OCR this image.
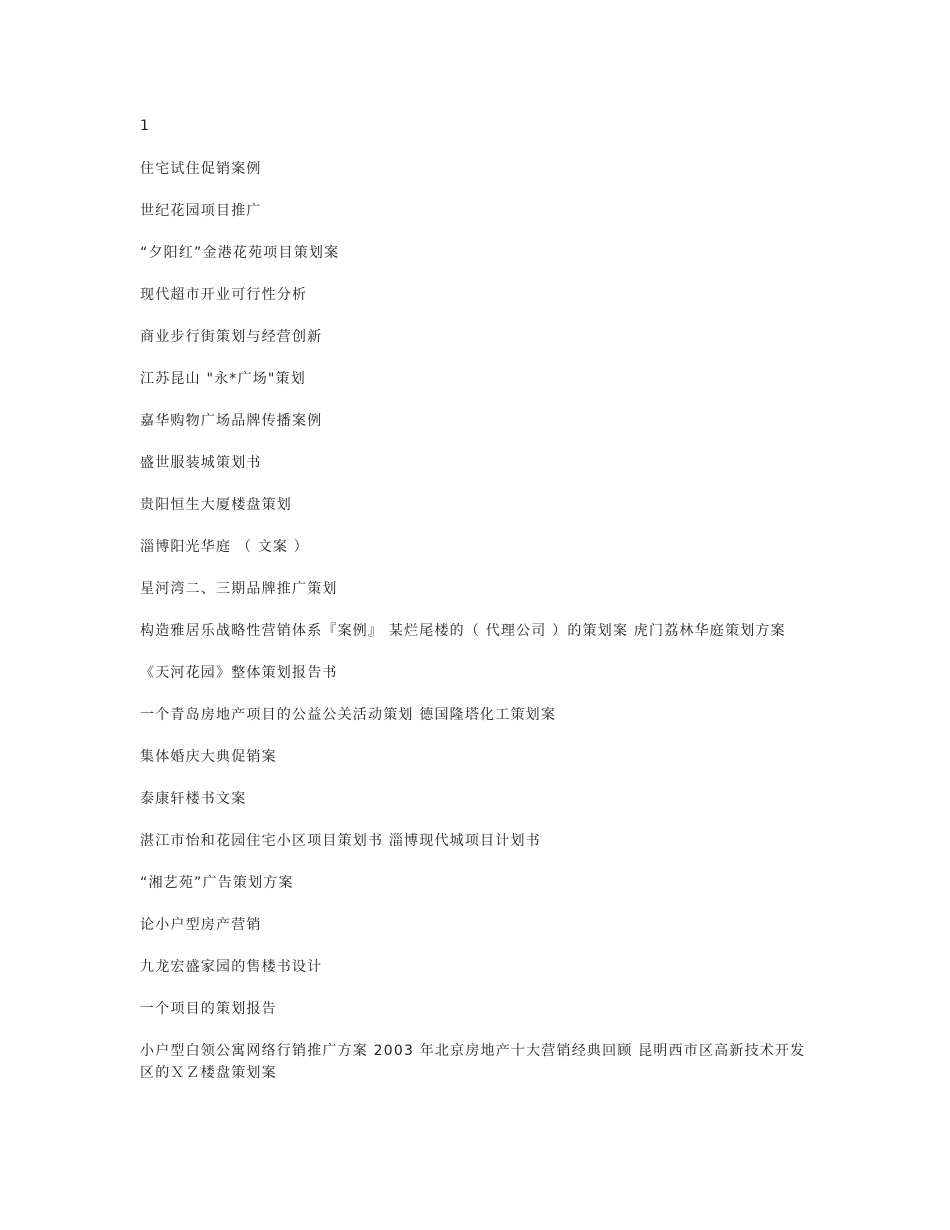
1
住宅试住促销案例
世纪花园项目推广
“夕阳红”金港花苑项目策划案
现代超市开业可行性分析
商业步行街策划与经营创新
江苏昆山 "永*广场"策划
嘉华购物广场品牌传播案例
盛世服装城策划书
贵阳恒生大厦楼盘策划
淄博阳光华庭 （ 文案 ）
星河湾二、三期品牌推广策划
构造雅居乐战略性营销体系『案例』 某烂尾楼的（ 代理公司 ）的策划案 虎门荔林华庭策划方案
《天河花园》整体策划报告书
一个青岛房地产项目的公益公关活动策划 德国隆塔化工策划案
集体婚庆大典促销案
泰康轩楼书文案
湛江市怡和花园住宅小区项目策划书 淄博现代城项目计划书
“湘艺苑”广告策划方案
论小户型房产营销
九龙宏盛家园的售楼书设计
一个项目的策划报告
小户型白领公寓网络行销推广方案 2003 年北京房地产十大营销经典回顾 昆明西市区高新技术开发区的ＸＺ楼盘策划案
